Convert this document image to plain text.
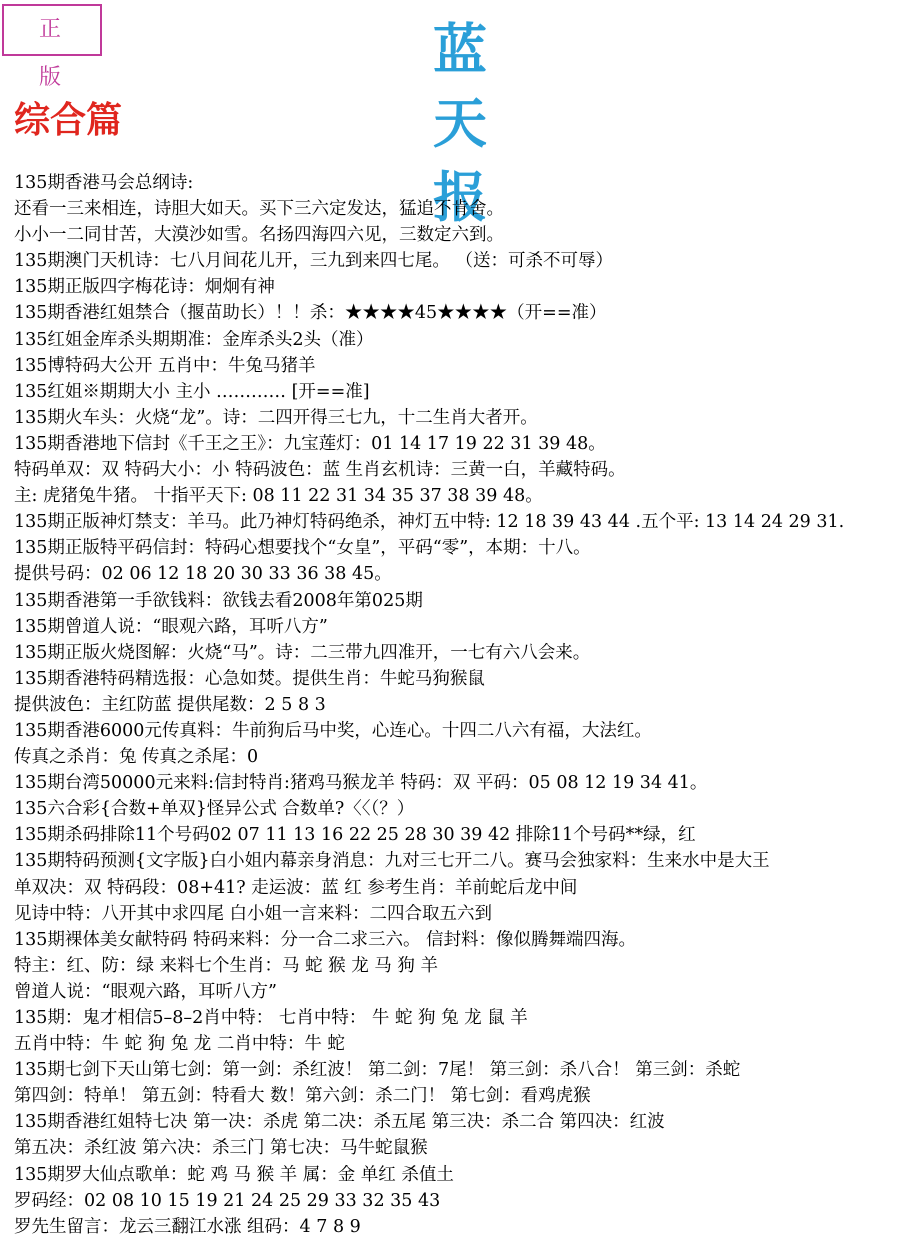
正 版	蓝 天 报
综合篇
135期香港马会总纲诗:
还看一三来相连，诗胆大如天。买下三六定发达，猛追不肯舍。
小小一二同甘苦，大漠沙如雪。名扬四海四六见，三数定六到。
135期澳门天机诗：七八月间花儿开，三九到来四七尾。 （送：可杀不可辱）
135期正版四字梅花诗：炯炯有神
135期香港红姐禁合（揠苗助长）！！杀：★★★★45★★★★（开==准）
135红姐金库杀头期期准：金库杀头2头（准）
135博特码大公开 五肖中：牛兔马猪羊
135红姐※期期大小 主小 ………… [开==准]
135期火车头：火烧“龙”。诗：二四开得三七九，十二生肖大者开。
135期香港地下信封《千王之王》：九宝莲灯：01 14 17 19 22 31 39 48。
特码单双：双 特码大小：小 特码波色：蓝 生肖玄机诗：三黄一白，羊藏特码。
主: 虎猪兔牛猪。 十指平天下: 08 11 22 31 34 35 37 38 39 48。
135期正版神灯禁支：羊马。此乃神灯特码绝杀，神灯五中特: 12 18 39 43 44 .五个平: 13 14 24 29 31.
135期正版特平码信封：特码心想要找个“女皇”，平码“零”，本期：十八。
提供号码：02 06 12 18 20 30 33 36 38 45。
135期香港第一手欲钱料：欲钱去看2008年第025期
135期曾道人说：“眼观六路，耳听八方”
135期正版火烧图解：火烧“马”。诗：二三带九四准开，一七有六八会来。
135期香港特码精选报：心急如焚。提供生肖：牛蛇马狗猴鼠
提供波色：主红防蓝 提供尾数：2 5 8 3
135期香港6000元传真料：牛前狗后马中奖，心连心。十四二八六有福，大法红。
传真之杀肖：兔 传真之杀尾：0
135期台湾50000元来料:信封特肖:猪鸡马猴龙羊 特码：双 平码：05 08 12 19 34 41。
135六合彩{合数+单双}怪异公式 合数单?〈〈（？）
135期杀码排除11个号码02 07 11 13 16 22 25 28 30 39 42 排除11个号码**绿，红
135期特码预测{文字版}白小姐内幕亲身消息：九对三七开二八。赛马会独家料：生来水中是大王
单双决：双 特码段：08+41? 走运波：蓝 红 参考生肖：羊前蛇后龙中间
见诗中特：八开其中求四尾 白小姐一言来料：二四合取五六到
135期裸体美女献特码 特码来料：分一合二求三六。 信封料：像似腾舞端四海。
特主：红、防：绿 来料七个生肖：马 蛇 猴 龙 马 狗 羊
曾道人说：“眼观六路，耳听八方”
135期：鬼才相信5–8–2肖中特： 七肖中特： 牛 蛇 狗 兔 龙 鼠 羊
五肖中特：牛 蛇 狗 兔 龙 二肖中特：牛 蛇
135期七剑下天山第七剑：第一剑：杀红波！ 第二剑：7尾！ 第三剑：杀八合！ 第三剑：杀蛇
第四剑：特单！ 第五剑：特看大 数！第六剑：杀二门！ 第七剑：看鸡虎猴
135期香港红姐特七决 第一决：杀虎 第二决：杀五尾 第三决：杀二合 第四决：红波
第五决：杀红波 第六决：杀三门 第七决：马牛蛇鼠猴
135期罗大仙点歌单：蛇 鸡 马 猴 羊 属：金 单红 杀值土
罗码经：02 08 10 15 19 21 24 25 29 33 32 35 43
罗先生留言：龙云三翻江水涨 组码：4 7 8 9
